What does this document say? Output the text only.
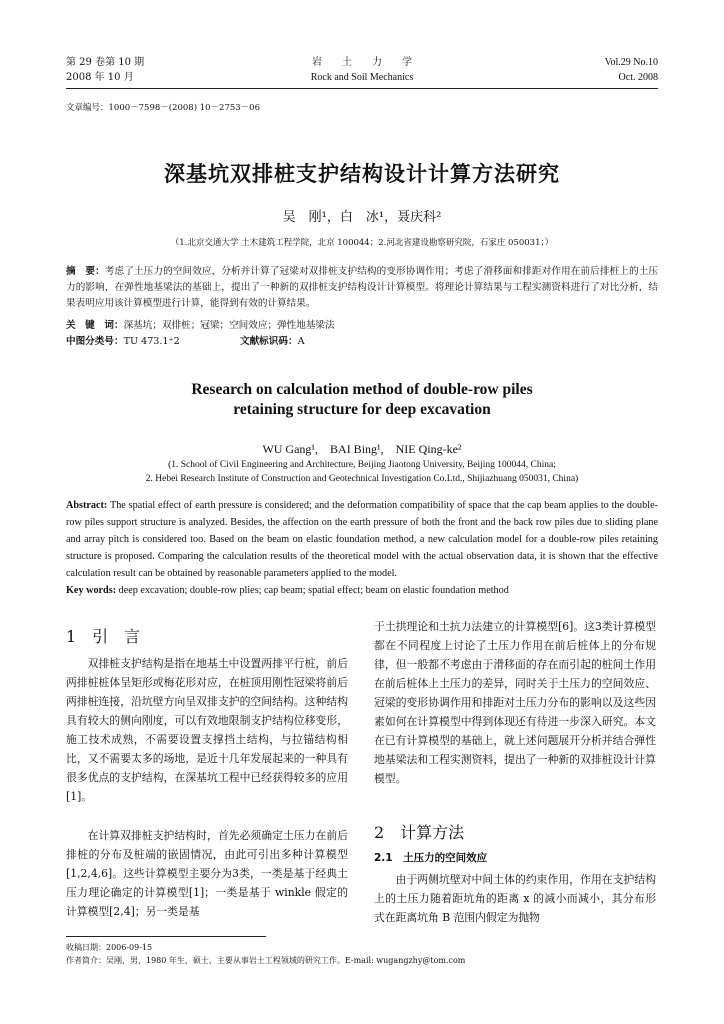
第 29 卷第 10 期
2008 年 10 月
岩　　土　　力　　学
Rock and Soil Mechanics
Vol.29 No.10
Oct. 2008
文章编号：1000－7598－(2008) 10－2753－06
深基坑双排桩支护结构设计计算方法研究
吴　刚¹，白　冰¹，聂庆科²
（1.北京交通大学 土木建筑工程学院，北京 100044；2.河北省建设勘察研究院，石家庄 050031；）
摘　要：考虑了土压力的空间效应，分析并计算了冠梁对双排桩支护结构的变形协调作用；考虑了滑移面和排距对作用在前后排桩上的土压力的影响，在弹性地基梁法的基础上，提出了一种新的双排桩支护结构设计计算模型。将理论计算结果与工程实测资料进行了对比分析，结果表明应用该计算模型进行计算，能得到有效的计算结果。
关　键　词：深基坑；双排桩；冠梁；空间效应；弹性地基梁法
中图分类号：TU 473.1⁺2	文献标识码：A
Research on calculation method of double-row piles
retaining structure for deep excavation
WU Gang¹,　BAI Bing¹,　NIE Qing-ke²
(1. School of Civil Engineering and Architecture, Beijing Jiaotong University, Beijing 100044, China;
2. Hebei Research Institute of Construction and Geotechnical Investigation Co.Ltd., Shijiazhuang 050031, China)
Abstract: The spatial effect of earth pressure is considered; and the deformation compatibility of space that the cap beam applies to the double-row piles support structure is analyzed. Besides, the affection on the earth pressure of both the front and the back row piles due to sliding plane and array pitch is considered too. Based on the beam on elastic foundation method, a new calculation model for a double-row piles retaining structure is proposed. Comparing the calculation results of the theoretical model with the actual observation data, it is shown that the effective calculation result can be obtained by reasonable parameters applied to the model.
Key words: deep excavation; double-row plies; cap beam; spatial effect; beam on elastic foundation method
1　引　言
双排桩支护结构是指在地基土中设置两排平行桩，前后两排桩桩体呈矩形或梅花形对应，在桩顶用刚性冠梁将前后两排桩连接，沿坑壁方向呈双排支护的空间结构。这种结构具有较大的侧向刚度，可以有效地限制支护结构位移变形，施工技术成熟，不需要设置支撑挡土结构，与拉锚结构相比，又不需要太多的场地，是近十几年发展起来的一种具有很多优点的支护结构，在深基坑工程中已经获得较多的应用[1]。
在计算双排桩支护结构时，首先必须确定土压力在前后排桩的分布及桩端的嵌固情况，由此可引出多种计算模型[1,2,4,6]。这些计算模型主要分为3类，一类是基于经典土压力理论确定的计算模型[1]；一类是基于 winkle 假定的计算模型[2,4]；另一类是基
于土拱理论和土抗力法建立的计算模型[6]。这3类计算模型都在不同程度上讨论了土压力作用在前后桩体上的分布规律，但一般都不考虑由于滑移面的存在而引起的桩间土作用在前后桩体上土压力的差异，同时关于土压力的空间效应、冠梁的变形协调作用和排距对土压力分布的影响以及这些因素如何在计算模型中得到体现还有待进一步深入研究。本文在已有计算模型的基础上，就上述问题展开分析并结合弹性地基梁法和工程实测资料，提出了一种新的双排桩设计计算模型。
2　计算方法
2.1　土压力的空间效应
由于两侧坑壁对中间土体的约束作用，作用在支护结构上的土压力随着距坑角的距离 x 的减小而减小，其分布形式在距离坑角 B 范围内假定为抛物
收稿日期：2006-09-15
作者简介：吴刚，男，1980 年生，硕士，主要从事岩土工程领域的研究工作。E-mail: wugangzhy@tom.com
